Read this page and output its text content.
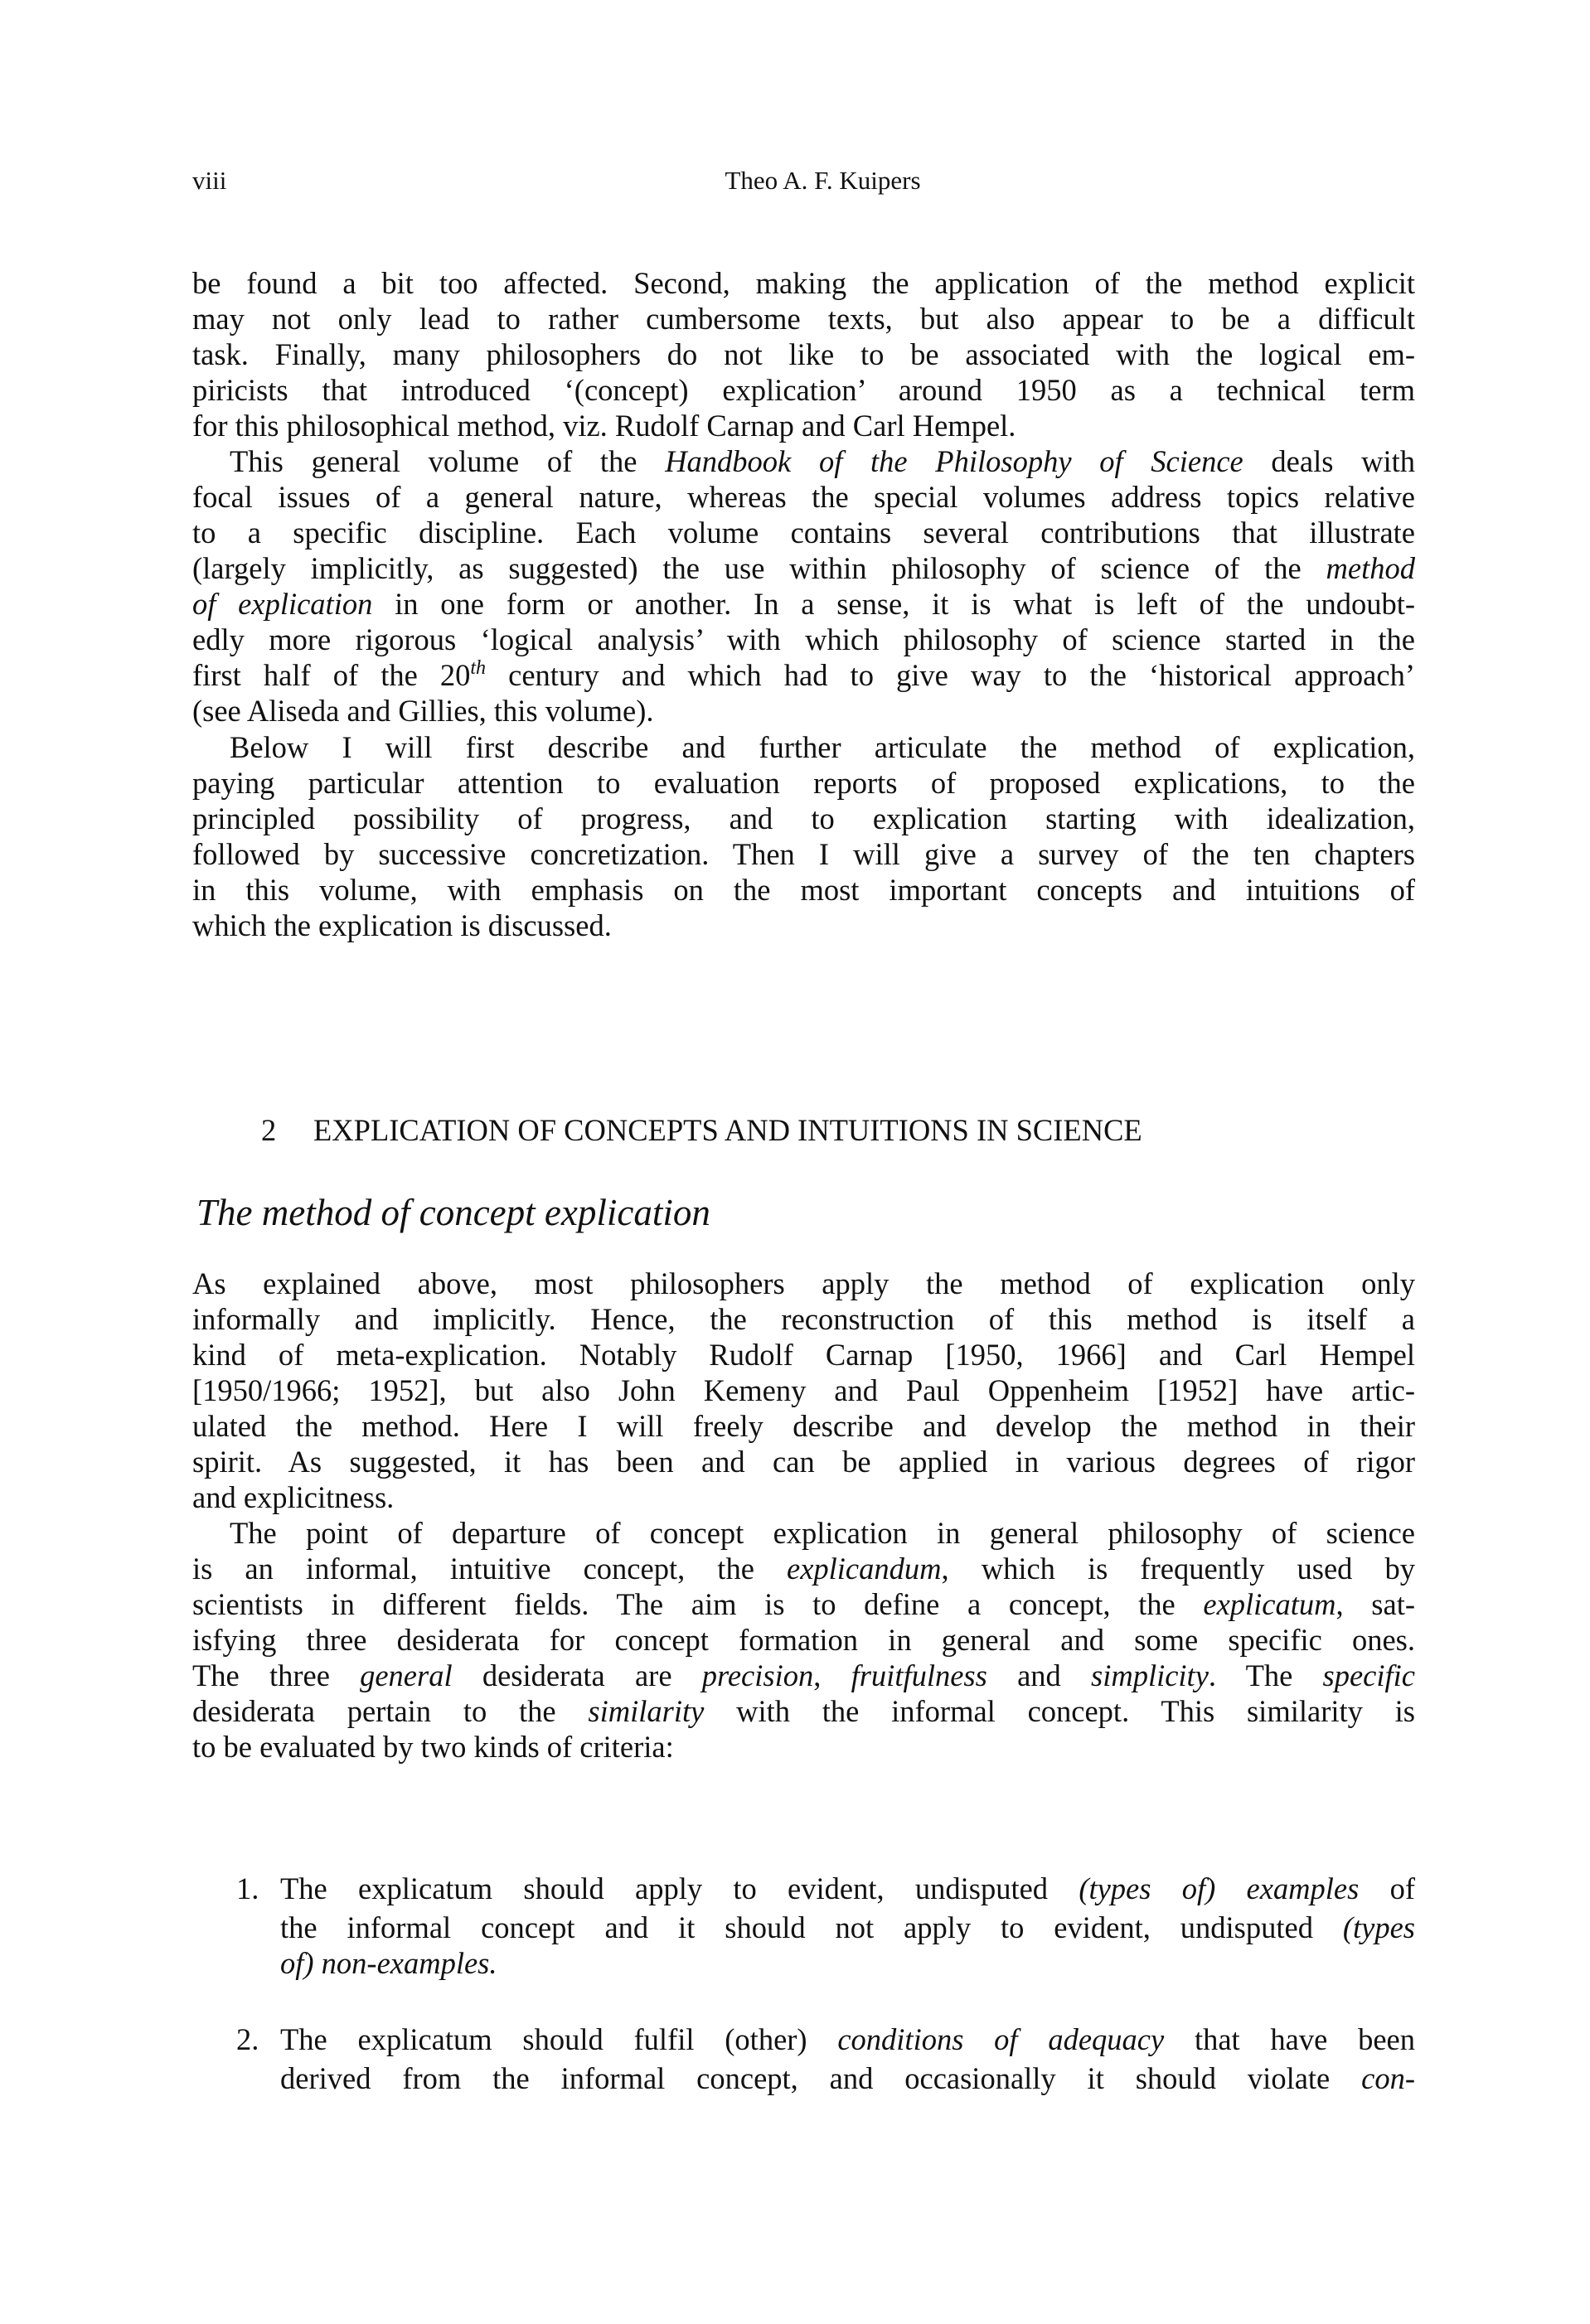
viii	Theo A. F. Kuipers
be found a bit too affected. Second, making the application of the method explicit
may not only lead to rather cumbersome texts, but also appear to be a difficult
task. Finally, many philosophers do not like to be associated with the logical em-
piricists that introduced ‘(concept) explication’ around 1950 as a technical term
for this philosophical method, viz. Rudolf Carnap and Carl Hempel.
This general volume of the Handbook of the Philosophy of Science deals with
focal issues of a general nature, whereas the special volumes address topics relative
to a specific discipline. Each volume contains several contributions that illustrate
(largely implicitly, as suggested) the use within philosophy of science of the method
of explication in one form or another. In a sense, it is what is left of the undoubt-
edly more rigorous ‘logical analysis’ with which philosophy of science started in the
first half of the 20th century and which had to give way to the ‘historical approach’
(see Aliseda and Gillies, this volume).
Below I will first describe and further articulate the method of explication,
paying particular attention to evaluation reports of proposed explications, to the
principled possibility of progress, and to explication starting with idealization,
followed by successive concretization. Then I will give a survey of the ten chapters
in this volume, with emphasis on the most important concepts and intuitions of
which the explication is discussed.
As explained above, most philosophers apply the method of explication only
informally and implicitly. Hence, the reconstruction of this method is itself a
kind of meta-explication. Notably Rudolf Carnap [1950, 1966] and Carl Hempel
[1950/1966; 1952], but also John Kemeny and Paul Oppenheim [1952] have artic-
ulated the method. Here I will freely describe and develop the method in their
spirit. As suggested, it has been and can be applied in various degrees of rigor
and explicitness.
The point of departure of concept explication in general philosophy of science
is an informal, intuitive concept, the explicandum, which is frequently used by
scientists in different fields. The aim is to define a concept, the explicatum, sat-
isfying three desiderata for concept formation in general and some specific ones.
The three general desiderata are precision, fruitfulness and simplicity. The specific
desiderata pertain to the similarity with the informal concept. This similarity is
to be evaluated by two kinds of criteria:
2 EXPLICATION OF CONCEPTS AND INTUITIONS IN SCIENCE
The method of concept explication
1. The explicatum should apply to evident, undisputed (types of) examples of
the informal concept and it should not apply to evident, undisputed (types
of) non-examples.
2. The explicatum should fulfil (other) conditions of adequacy that have been
derived from the informal concept, and occasionally it should violate con-
